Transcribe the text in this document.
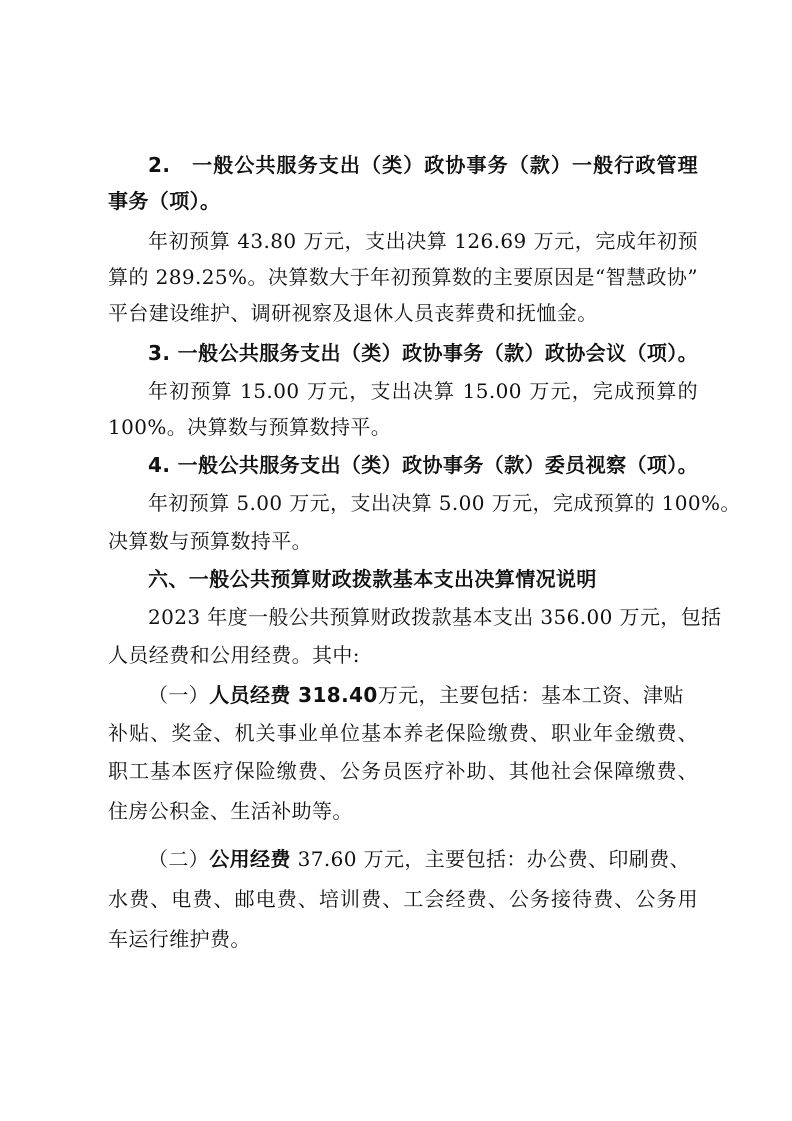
2.　一般公共服务支出（类）政协事务（款）一般行政管理
事务（项）。
年初预算 43.80 万元，支出决算 126.69 万元，完成年初预
算的 289.25%。决算数大于年初预算数的主要原因是“智慧政协”
平台建设维护、调研视察及退休人员丧葬费和抚恤金。
3. 一般公共服务支出（类）政协事务（款）政协会议（项）。
年初预算 15.00 万元，支出决算 15.00 万元，完成预算的
100%。决算数与预算数持平。
4. 一般公共服务支出（类）政协事务（款）委员视察（项）。
年初预算 5.00 万元，支出决算 5.00 万元，完成预算的 100%。
决算数与预算数持平。
六、一般公共预算财政拨款基本支出决算情况说明
2023 年度一般公共预算财政拨款基本支出 356.00 万元，包括
人员经费和公用经费。其中:
（一）人员经费 318.40万元，主要包括：基本工资、津贴
补贴、奖金、机关事业单位基本养老保险缴费、职业年金缴费、
职工基本医疗保险缴费、公务员医疗补助、其他社会保障缴费、
住房公积金、生活补助等。
（二）公用经费 37.60 万元，主要包括：办公费、印刷费、
水费、电费、邮电费、培训费、工会经费、公务接待费、公务用
车运行维护费。
